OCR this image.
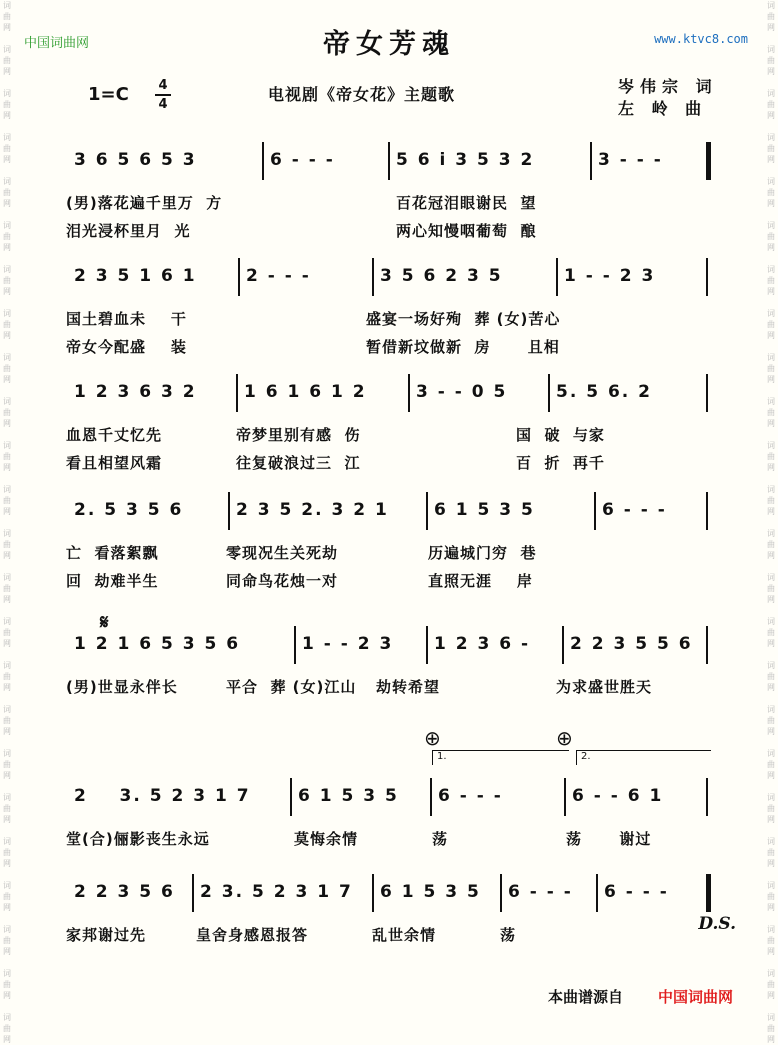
词
曲
网

词
曲
网

词
曲
网

词
曲
网

词
曲
网

词
曲
网

词
曲
网

词
曲
网

词
曲
网

词
曲
网

词
曲
网

词
曲
网

词
曲
网

词
曲
网

词
曲
网

词
曲
网

词
曲
网

词
曲
网

词
曲
网

词
曲
网

词
曲
网

词
曲
网

词
曲
网

词
曲
网

词
曲
网

词
曲
网

词
曲
网

词
曲
网

词
曲
网

词
曲
网

词
曲
网

词
曲
网

词
曲
网

词
曲
网

词
曲
网

词
曲
网

词
曲
网

词
曲
网

词
曲
网

词
曲
网

词
曲
网

词
曲
网

词
曲
网

词
曲
网

词
曲
网

词
曲
网

词
曲
网

词
曲
网

中国词曲网	www.ktvc8.com
帝女芳魂
1=C 4
4
电视剧《帝女花》主题歌	岑伟宗 词
左 岭 曲
3 6 5 6 5 3	6 - - -	5 6 i 3 5 3 2	3 - - -
(男)落花遍千里万  方	百花冠泪眼谢民  望
泪光浸杯里月  光	两心知慢咽葡萄  酿
2 3 5 1 6 1	2 - - -	3 5 6 2 3 5	1 - - 2 3
国土碧血未    干	盛宴一场好殉  葬 (女)苦心
帝女今配盛    装	暂借新坟做新  房      且相
1 2 3 6 3 2	1 6 1 6 1 2	3 - - 0 5	5. 5 6. 2
血恩千丈忆先	帝梦里别有感  伤	国  破  与家
看且相望风霜	往复破浪过三  江	百  折  再千
2. 5 3 5 6	2 3 5 2. 3 2 1	6 1 5 3 5	6 - - -
亡  看落絮飘	零现况生关死劫	历遍城门穷  巷
回  劫难半生	同命鸟花烛一对	直照无涯    岸
1 2 1 6 5 3 5 6	1 - - 2 3	1 2 3 6 -	2 2 3 5 5 6
(男)世显永伴长	平合  葬 (女)江山 劫转希望	为求盛世胜天
2    3. 5 2 3 1 7	6 1 5 3 5	6 - - -	6 - - 6 1
堂(合)俪影丧生永远	莫悔余情	荡	荡      谢过
2 2 3 5 6	2 3. 5 2 3 1 7	6 1 5 3 5	6 - - -	6 - - -
家邦谢过先	皇舍身感恩报答	乱世余情	荡
𝄋
⊕	⊕
1.	2.
D.S.
本曲谱源自 中国词曲网
